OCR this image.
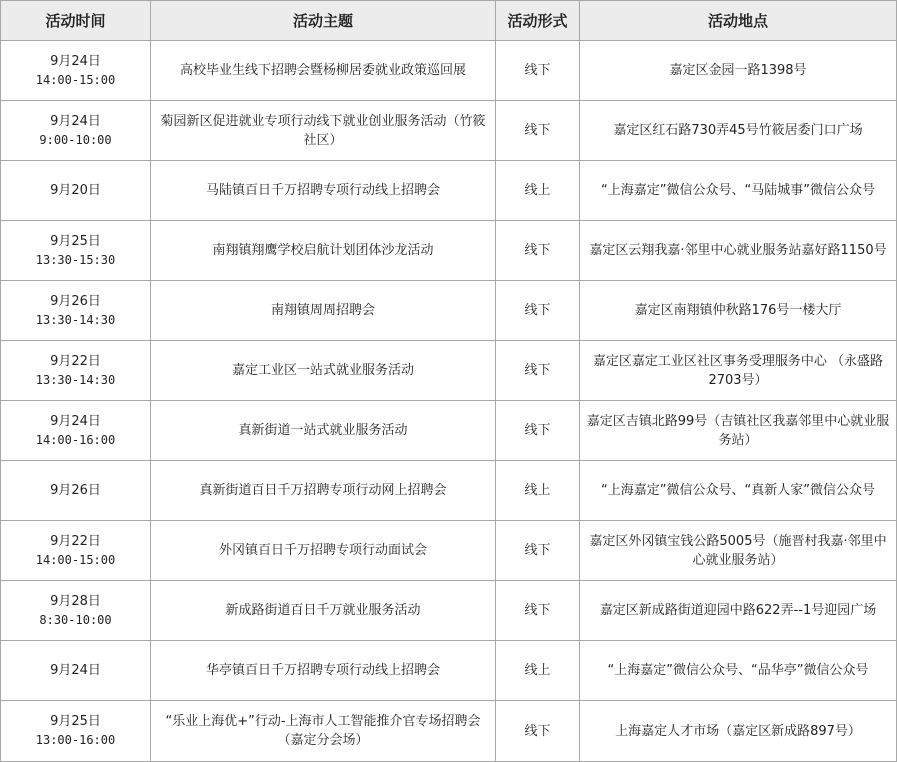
活动时间	活动主题	活动形式	活动地点

9月24日
14:00-15:00	高校毕业生线下招聘会暨杨柳居委就业政策巡回展	线下	嘉定区金园一路1398号

9月24日
9:00-10:00	菊园新区促进就业专项行动线下就业创业服务活动（竹筱社区）	线下	嘉定区红石路730弄45号竹筱居委门口广场

9月20日	马陆镇百日千万招聘专项行动线上招聘会	线上	“上海嘉定”微信公众号、“马陆城事”微信公众号

9月25日
13:30-15:30	南翔镇翔鹰学校启航计划团体沙龙活动	线下	嘉定区云翔我嘉·邻里中心就业服务站嘉好路1150号

9月26日
13:30-14:30	南翔镇周周招聘会	线下	嘉定区南翔镇仲秋路176号一楼大厅

9月22日
13:30-14:30	嘉定工业区一站式就业服务活动	线下	嘉定区嘉定工业区社区事务受理服务中心 （永盛路2703号）

9月24日
14:00-16:00	真新街道一站式就业服务活动	线下	嘉定区吉镇北路99号（吉镇社区我嘉邻里中心就业服务站）

9月26日	真新街道百日千万招聘专项行动网上招聘会	线上	“上海嘉定”微信公众号、“真新人家”微信公众号

9月22日
14:00-15:00	外冈镇百日千万招聘专项行动面试会	线下	嘉定区外冈镇宝钱公路5005号（施晋村我嘉·邻里中心就业服务站）

9月28日
8:30-10:00	新成路街道百日千万就业服务活动	线下	嘉定区新成路街道迎园中路622弄--1号迎园广场

9月24日	华亭镇百日千万招聘专项行动线上招聘会	线上	“上海嘉定”微信公众号、“品华亭”微信公众号

9月25日
13:00-16:00	“乐业上海优+”行动-上海市人工智能推介官专场招聘会（嘉定分会场）	线下	上海嘉定人才市场（嘉定区新成路897号）
